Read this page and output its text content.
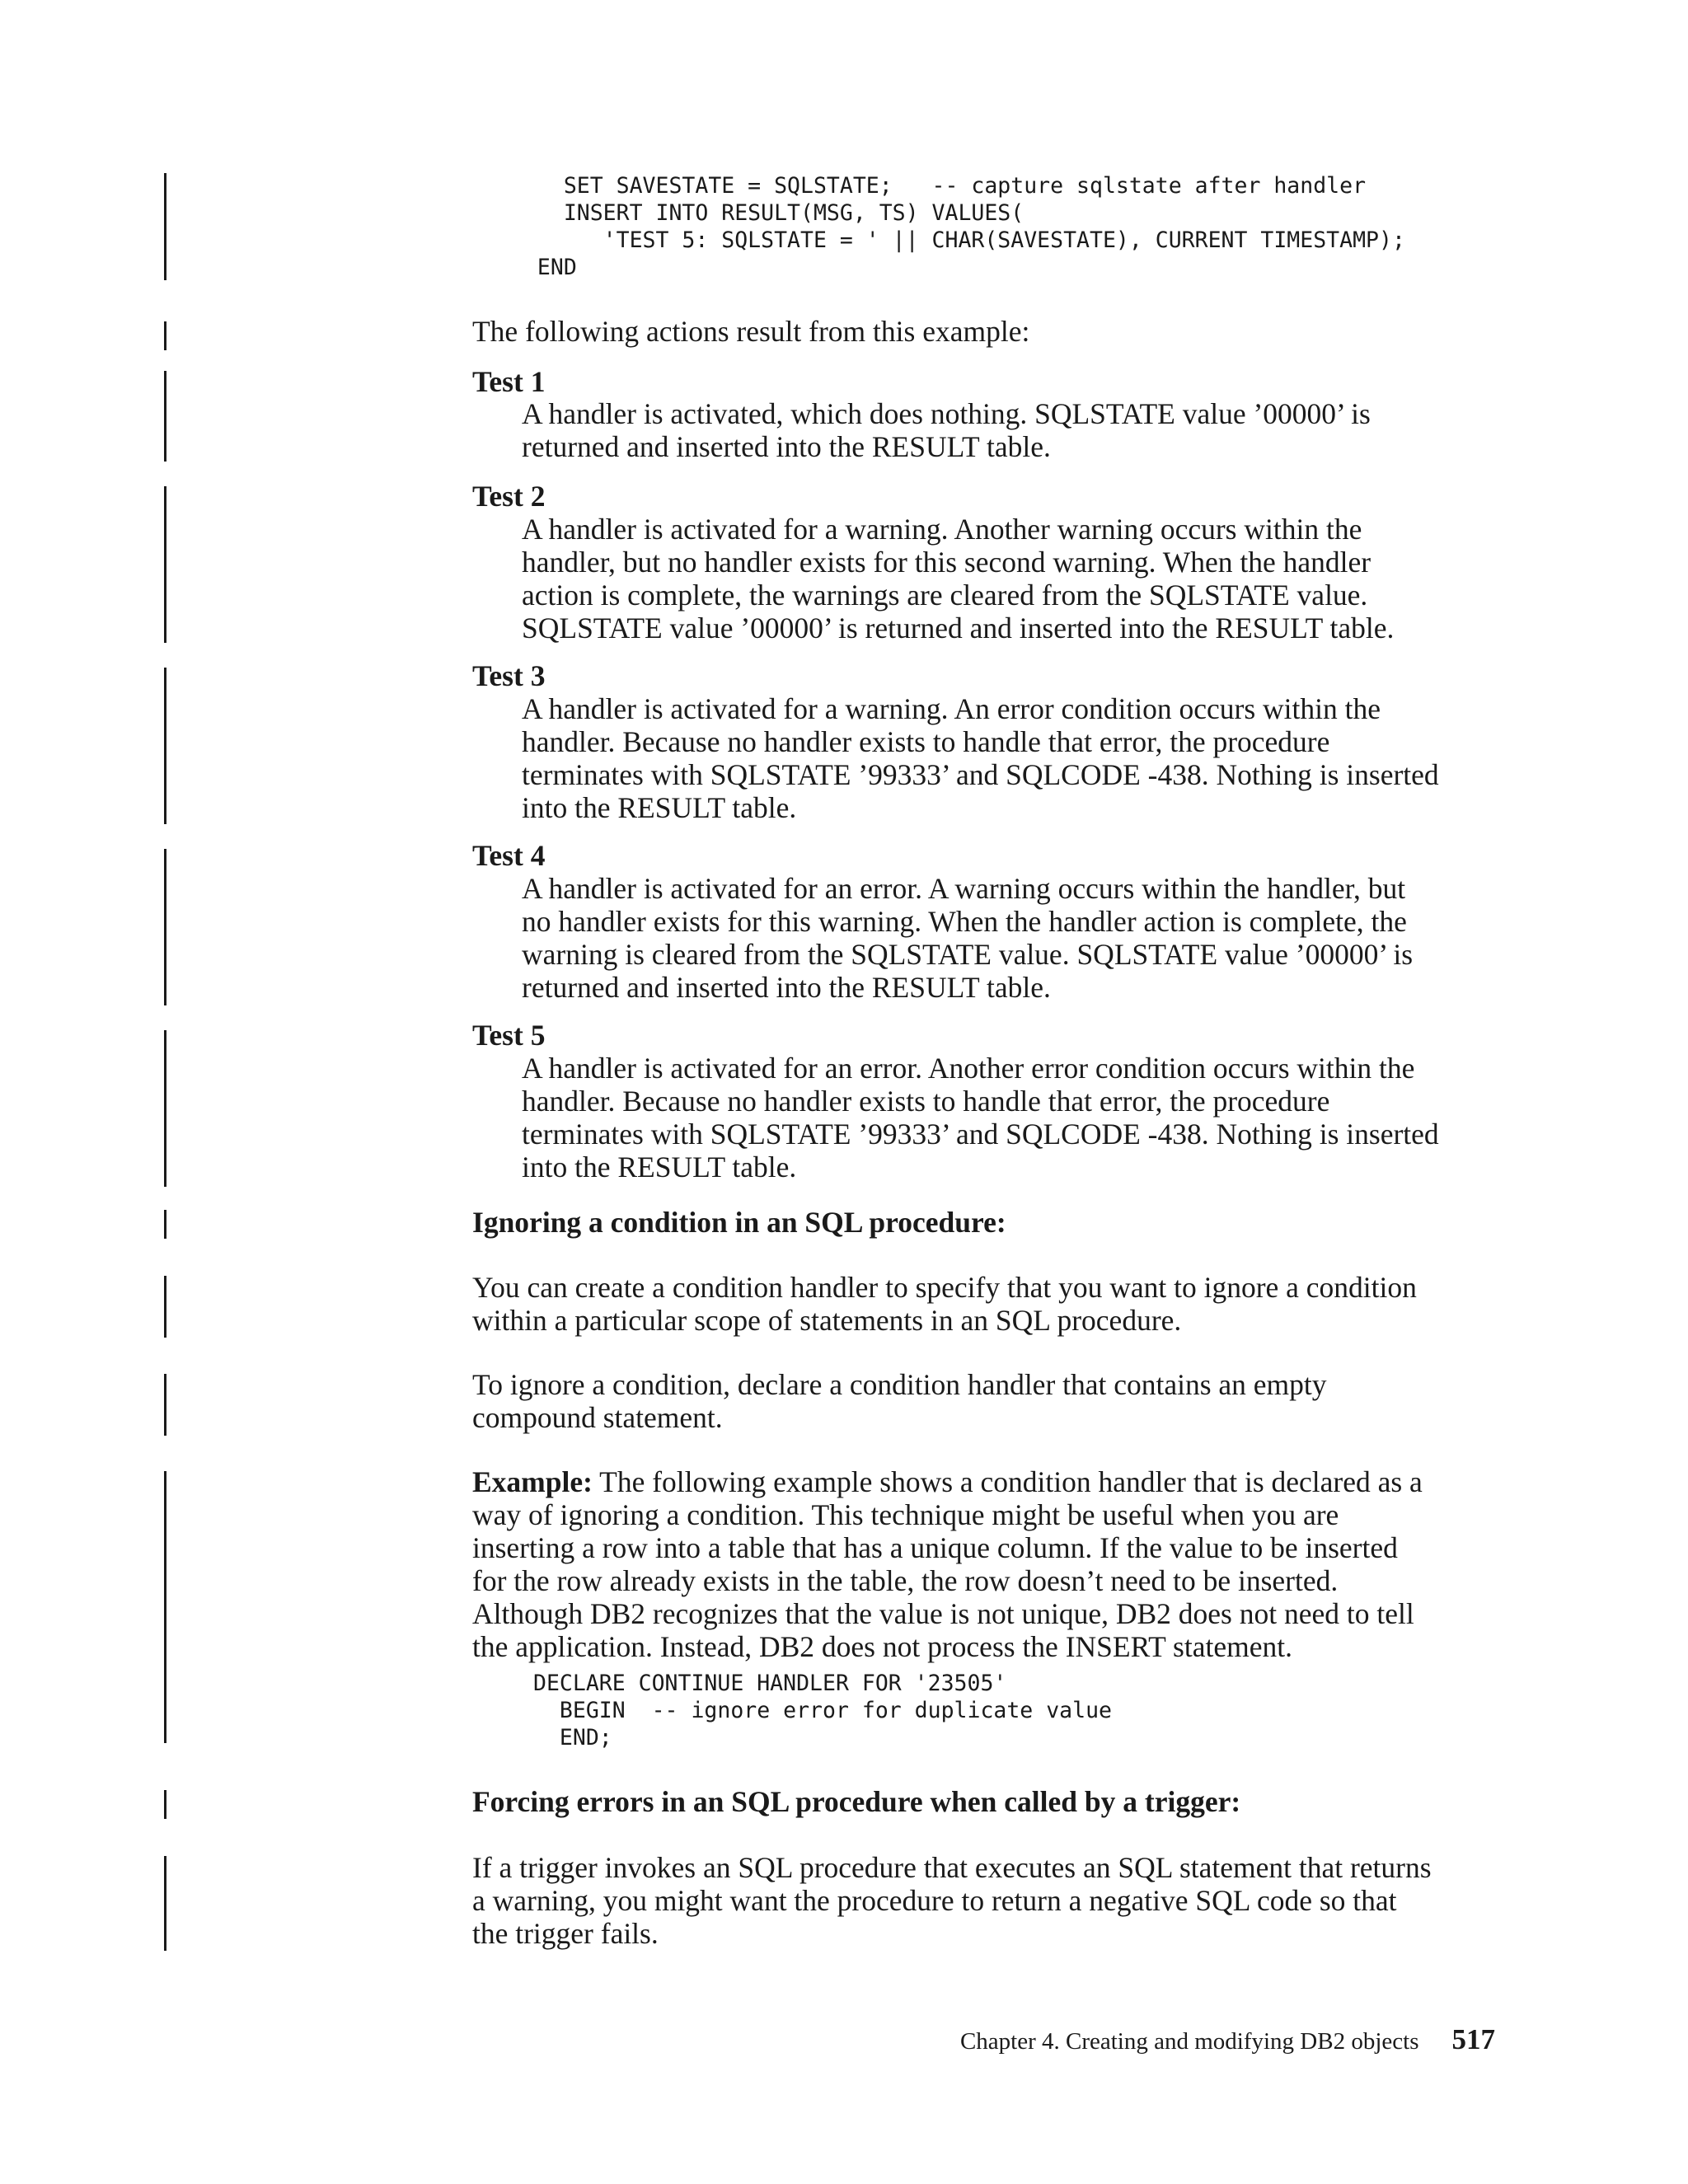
SET SAVESTATE = SQLSTATE;   -- capture sqlstate after handler
INSERT INTO RESULT(MSG, TS) VALUES(
'TEST 5: SQLSTATE = ' || CHAR(SAVESTATE), CURRENT TIMESTAMP);
END

The following actions result from this example:

Test 1

A handler is activated, which does nothing. SQLSTATE value ’00000’ is
returned and inserted into the RESULT table.

Test 2

A handler is activated for a warning. Another warning occurs within the
handler, but no handler exists for this second warning. When the handler
action is complete, the warnings are cleared from the SQLSTATE value.
SQLSTATE value ’00000’ is returned and inserted into the RESULT table.

Test 3

A handler is activated for a warning. An error condition occurs within the
handler. Because no handler exists to handle that error, the procedure
terminates with SQLSTATE ’99333’ and SQLCODE -438. Nothing is inserted
into the RESULT table.

Test 4

A handler is activated for an error. A warning occurs within the handler, but
no handler exists for this warning. When the handler action is complete, the
warning is cleared from the SQLSTATE value. SQLSTATE value ’00000’ is
returned and inserted into the RESULT table.

Test 5

A handler is activated for an error. Another error condition occurs within the
handler. Because no handler exists to handle that error, the procedure
terminates with SQLSTATE ’99333’ and SQLCODE -438. Nothing is inserted
into the RESULT table.

Ignoring a condition in an SQL procedure:

You can create a condition handler to specify that you want to ignore a condition
within a particular scope of statements in an SQL procedure.
To ignore a condition, declare a condition handler that contains an empty
compound statement.
Example: The following example shows a condition handler that is declared as a
way of ignoring a condition. This technique might be useful when you are
inserting a row into a table that has a unique column. If the value to be inserted
for the row already exists in the table, the row doesn’t need to be inserted.
Although DB2 recognizes that the value is not unique, DB2 does not need to tell
the application. Instead, DB2 does not process the INSERT statement.
DECLARE CONTINUE HANDLER FOR '23505'
BEGIN  -- ignore error for duplicate value
END;

Forcing errors in an SQL procedure when called by a trigger:

If a trigger invokes an SQL procedure that executes an SQL statement that returns
a warning, you might want the procedure to return a negative SQL code so that
the trigger fails.
Chapter 4. Creating and modifying DB2 objects 517
